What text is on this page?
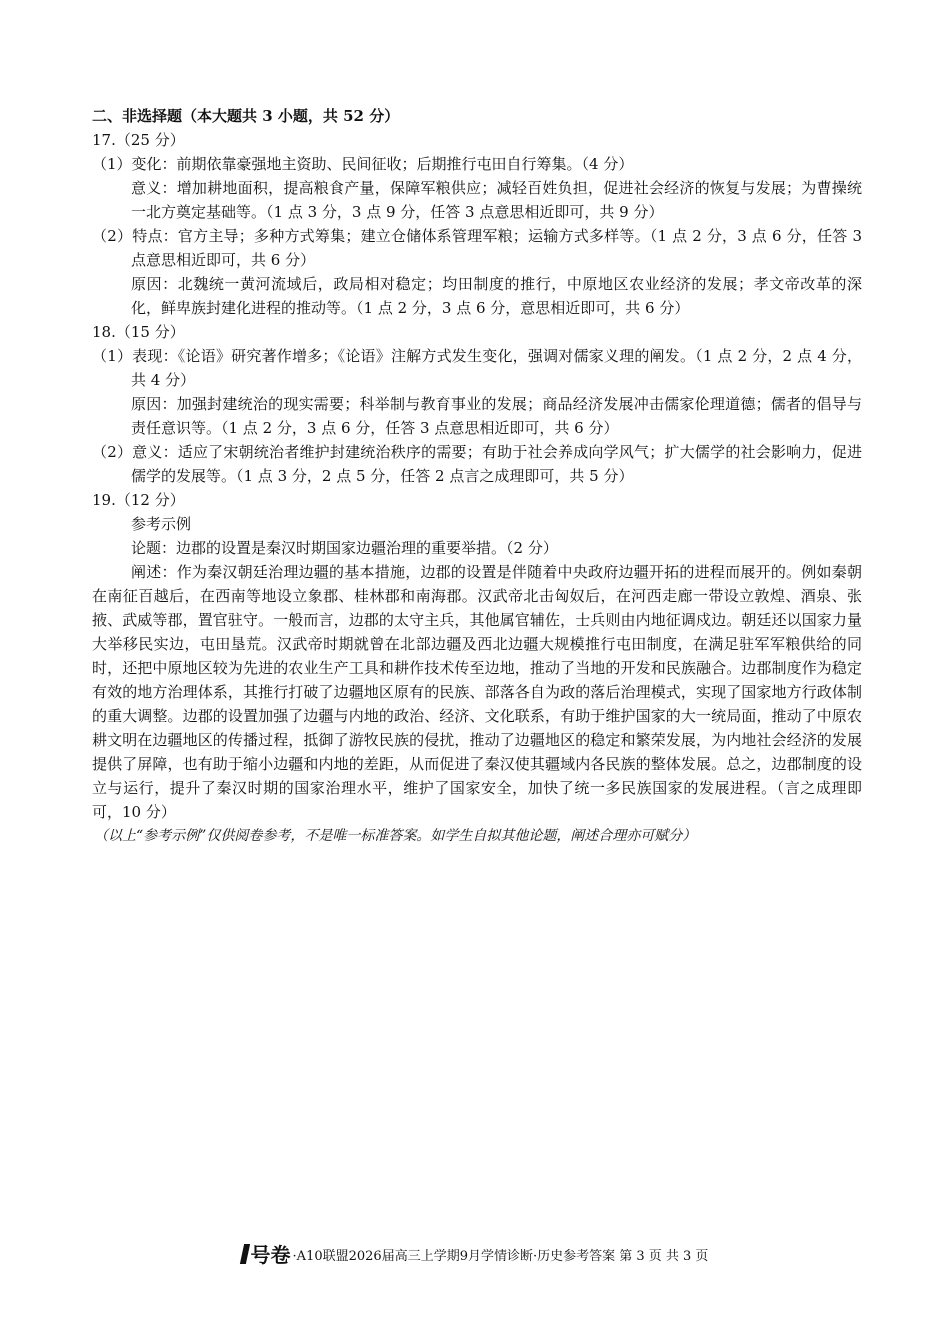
二、非选择题（本大题共 3 小题，共 52 分）
17.（25 分）
（1）变化：前期依靠豪强地主资助、民间征收；后期推行屯田自行筹集。（4 分）
意义：增加耕地面积，提高粮食产量，保障军粮供应；减轻百姓负担，促进社会经济的恢复与发展；为曹操统一北方奠定基础等。（1 点 3 分，3 点 9 分，任答 3 点意思相近即可，共 9 分）
（2）特点：官方主导；多种方式筹集；建立仓储体系管理军粮；运输方式多样等。（1 点 2 分，3 点 6 分，任答 3 点意思相近即可，共 6 分）
原因：北魏统一黄河流域后，政局相对稳定；均田制度的推行，中原地区农业经济的发展；孝文帝改革的深化，鲜卑族封建化进程的推动等。（1 点 2 分，3 点 6 分，意思相近即可，共 6 分）
18.（15 分）
（1）表现：《论语》研究著作增多；《论语》注解方式发生变化，强调对儒家义理的阐发。（1 点 2 分，2 点 4 分，共 4 分）
原因：加强封建统治的现实需要；科举制与教育事业的发展；商品经济发展冲击儒家伦理道德；儒者的倡导与责任意识等。（1 点 2 分，3 点 6 分，任答 3 点意思相近即可，共 6 分）
（2）意义：适应了宋朝统治者维护封建统治秩序的需要；有助于社会养成向学风气；扩大儒学的社会影响力，促进儒学的发展等。（1 点 3 分，2 点 5 分，任答 2 点言之成理即可，共 5 分）
19.（12 分）
参考示例
论题：边郡的设置是秦汉时期国家边疆治理的重要举措。（2 分）
阐述：作为秦汉朝廷治理边疆的基本措施，边郡的设置是伴随着中央政府边疆开拓的进程而展开的。例如秦朝在南征百越后，在西南等地设立象郡、桂林郡和南海郡。汉武帝北击匈奴后，在河西走廊一带设立敦煌、酒泉、张掖、武威等郡，置官驻守。一般而言，边郡的太守主兵，其他属官辅佐，士兵则由内地征调戍边。朝廷还以国家力量大举移民实边，屯田垦荒。汉武帝时期就曾在北部边疆及西北边疆大规模推行屯田制度，在满足驻军军粮供给的同时，还把中原地区较为先进的农业生产工具和耕作技术传至边地，推动了当地的开发和民族融合。边郡制度作为稳定有效的地方治理体系，其推行打破了边疆地区原有的民族、部落各自为政的落后治理模式，实现了国家地方行政体制的重大调整。边郡的设置加强了边疆与内地的政治、经济、文化联系，有助于维护国家的大一统局面，推动了中原农耕文明在边疆地区的传播过程，抵御了游牧民族的侵扰，推动了边疆地区的稳定和繁荣发展，为内地社会经济的发展提供了屏障，也有助于缩小边疆和内地的差距，从而促进了秦汉使其疆域内各民族的整体发展。总之，边郡制度的设立与运行，提升了秦汉时期的国家治理水平，维护了国家安全，加快了统一多民族国家的发展进程。（言之成理即可，10 分）
（以上“参考示例”仅供阅卷参考，不是唯一标准答案。如学生自拟其他论题，阐述合理亦可赋分）
号卷 ·A10联盟2026届高三上学期9月学情诊断·历史参考答案 第 3 页 共 3 页
